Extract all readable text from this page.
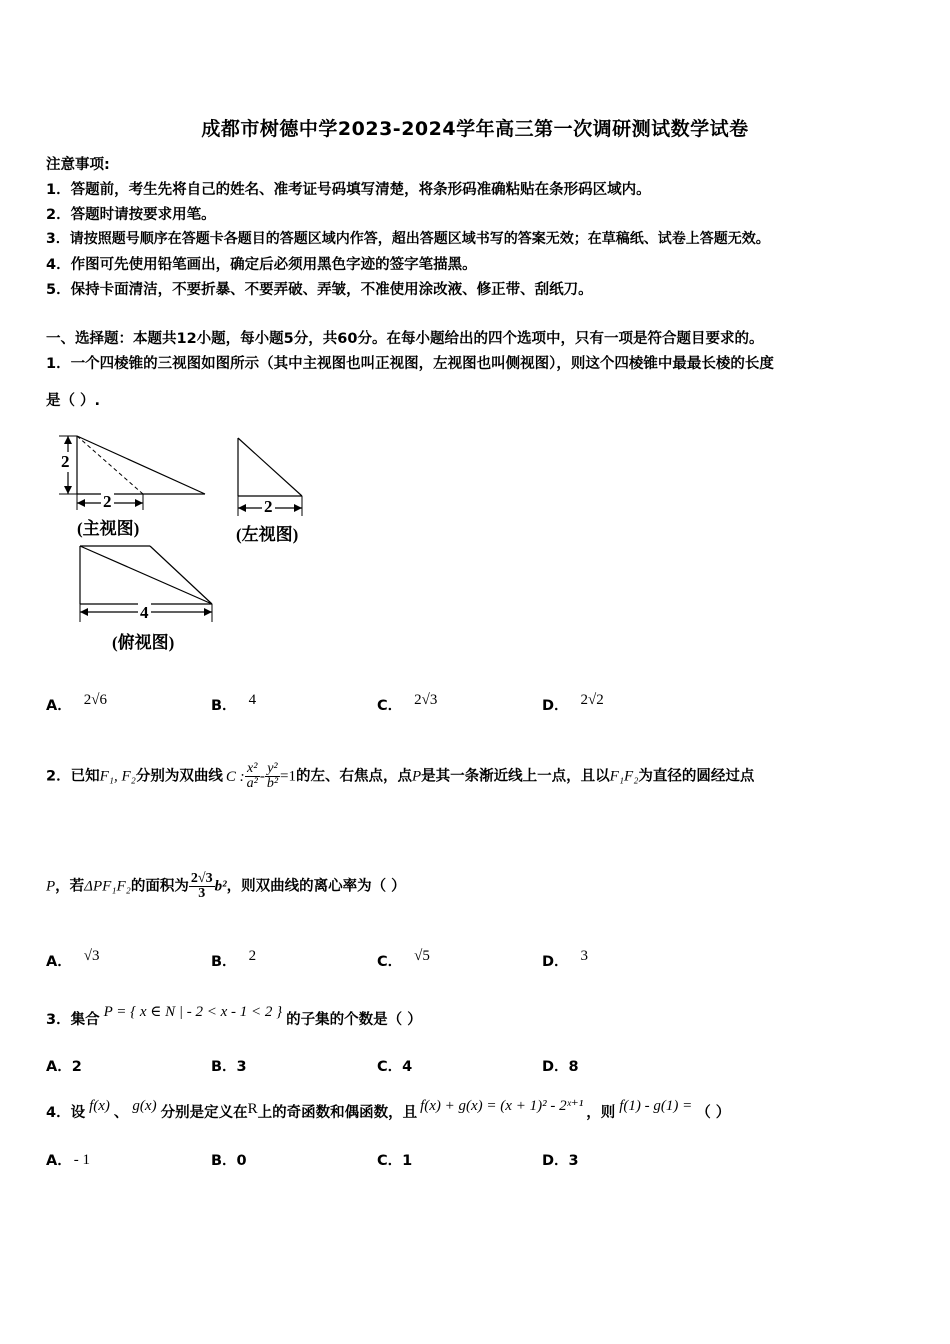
成都市树德中学2023-2024学年高三第一次调研测试数学试卷
注意事项:
1．答题前，考生先将自己的姓名、准考证号码填写清楚，将条形码准确粘贴在条形码区域内。
2．答题时请按要求用笔。
3．请按照题号顺序在答题卡各题目的答题区域内作答，超出答题区域书写的答案无效；在草稿纸、试卷上答题无效。
4．作图可先使用铅笔画出，确定后必须用黑色字迹的签字笔描黑。
5．保持卡面清洁，不要折暴、不要弄破、弄皱，不准使用涂改液、修正带、刮纸刀。
一、选择题：本题共12小题，每小题5分，共60分。在每小题给出的四个选项中，只有一项是符合题目要求的。
1．一个四棱锥的三视图如图所示（其中主视图也叫正视图，左视图也叫侧视图），则这个四棱锥中最最长棱的长度
是（ ）.
2
2
(主视图)
2
(左视图)
4
(俯视图)
A． 2√6	B． 4	C． 2√3	D． 2√2
2．已知F₁, F₂分别为双曲线 C : $\frac{\text{x²}}{\text{a²}} - \frac{\text{y²}}{\text{b²}} =1$的左、右焦点，点P是其一条渐近线上一点，且以F₁F₂为直径的圆经过点
P，若ΔPF₁F₂的面积为 $\frac{2√3}{3} b^2$，则双曲线的离心率为（ ）
A． √3	B． 2	C． √5	D． 3
3．集合 P = { x ∈ N | - 2 < x - 1 < 2 } 的子集的个数是（ ）
A．2	B．3	C．4	D．8
4．设 f(x) 、 g(x) 分别是定义在R上的奇函数和偶函数，且 f(x) + g(x) = (x + 1)² - 2ˣ⁺¹ ，则 f(1) - g(1) = （ ）
A． - 1	B．0	C．1	D．3
